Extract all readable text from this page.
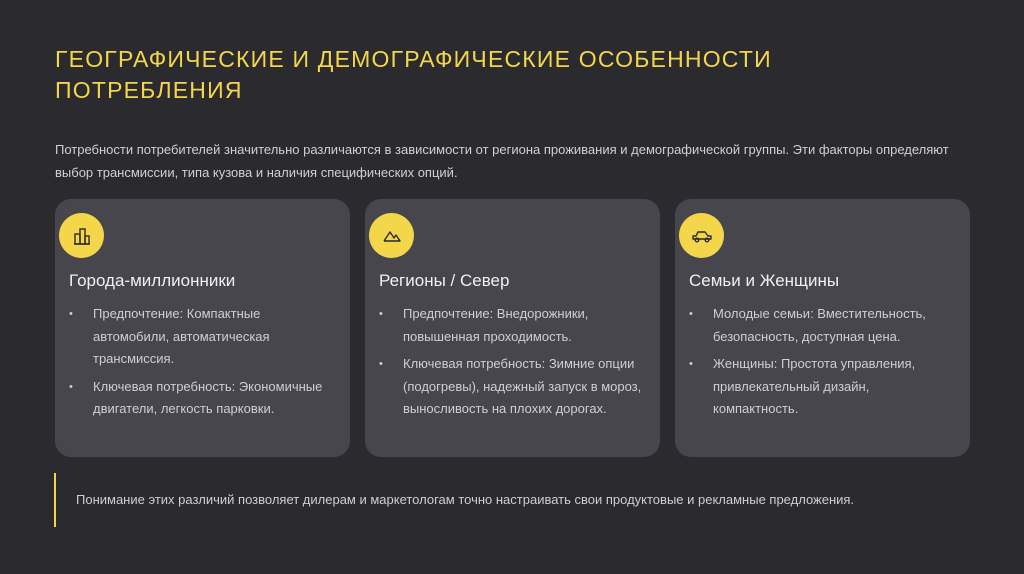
ГЕОГРАФИЧЕСКИЕ И ДЕМОГРАФИЧЕСКИЕ ОСОБЕННОСТИ
ПОТРЕБЛЕНИЯ

Потребности потребителей значительно различаются в зависимости от региона проживания и демографической группы. Эти факторы определяют выбор трансмиссии, типа кузова и наличия специфических опций.

Города-миллионники
• Предпочтение: Компактные автомобили, автоматическая трансмиссия.
• Ключевая потребность: Экономичные двигатели, легкость парковки.
Регионы / Север
• Предпочтение: Внедорожники, повышенная проходимость.
• Ключевая потребность: Зимние опции (подогревы), надежный запуск в мороз, выносливость на плохих дорогах.
Семьи и Женщины
• Молодые семьи: Вместительность, безопасность, доступная цена.
• Женщины: Простота управления, привлекательный дизайн, компактность.

Понимание этих различий позволяет дилерам и маркетологам точно настраивать свои продуктовые и рекламные предложения.
